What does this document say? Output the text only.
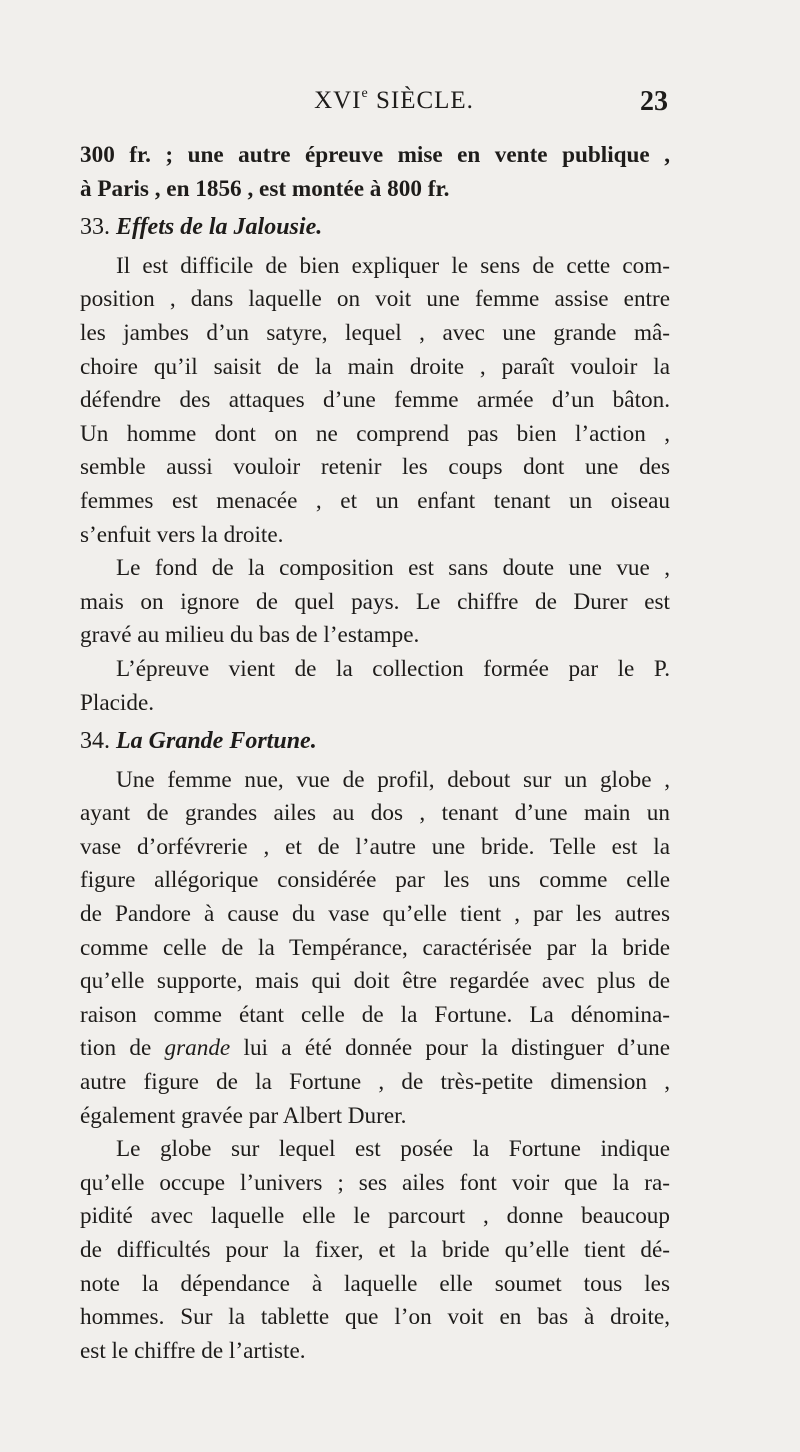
XVIe SIÈCLE.	23
300 fr. ; une autre épreuve mise en vente publique ,
à Paris , en 1856 , est montée à 800 fr.
33. Effets de la Jalousie.
Il est difficile de bien expliquer le sens de cette com-
position , dans laquelle on voit une femme assise entre
les jambes d’un satyre, lequel , avec une grande mâ-
choire qu’il saisit de la main droite , paraît vouloir la
défendre des attaques d’une femme armée d’un bâton.
Un homme dont on ne comprend pas bien l’action ,
semble aussi vouloir retenir les coups dont une des
femmes est menacée , et un enfant tenant un oiseau
s’enfuit vers la droite.
Le fond de la composition est sans doute une vue ,
mais on ignore de quel pays. Le chiffre de Durer est
gravé au milieu du bas de l’estampe.
L’épreuve vient de la collection formée par le P.
Placide.
34. La Grande Fortune.
Une femme nue, vue de profil, debout sur un globe ,
ayant de grandes ailes au dos , tenant d’une main un
vase d’orfévrerie , et de l’autre une bride. Telle est la
figure allégorique considérée par les uns comme celle
de Pandore à cause du vase qu’elle tient , par les autres
comme celle de la Tempérance, caractérisée par la bride
qu’elle supporte, mais qui doit être regardée avec plus de
raison comme étant celle de la Fortune. La dénomina-
tion de grande lui a été donnée pour la distinguer d’une
autre figure de la Fortune , de très-petite dimension ,
également gravée par Albert Durer.
Le globe sur lequel est posée la Fortune indique
qu’elle occupe l’univers ; ses ailes font voir que la ra-
pidité avec laquelle elle le parcourt , donne beaucoup
de difficultés pour la fixer, et la bride qu’elle tient dé-
note la dépendance à laquelle elle soumet tous les
hommes. Sur la tablette que l’on voit en bas à droite,
est le chiffre de l’artiste.
